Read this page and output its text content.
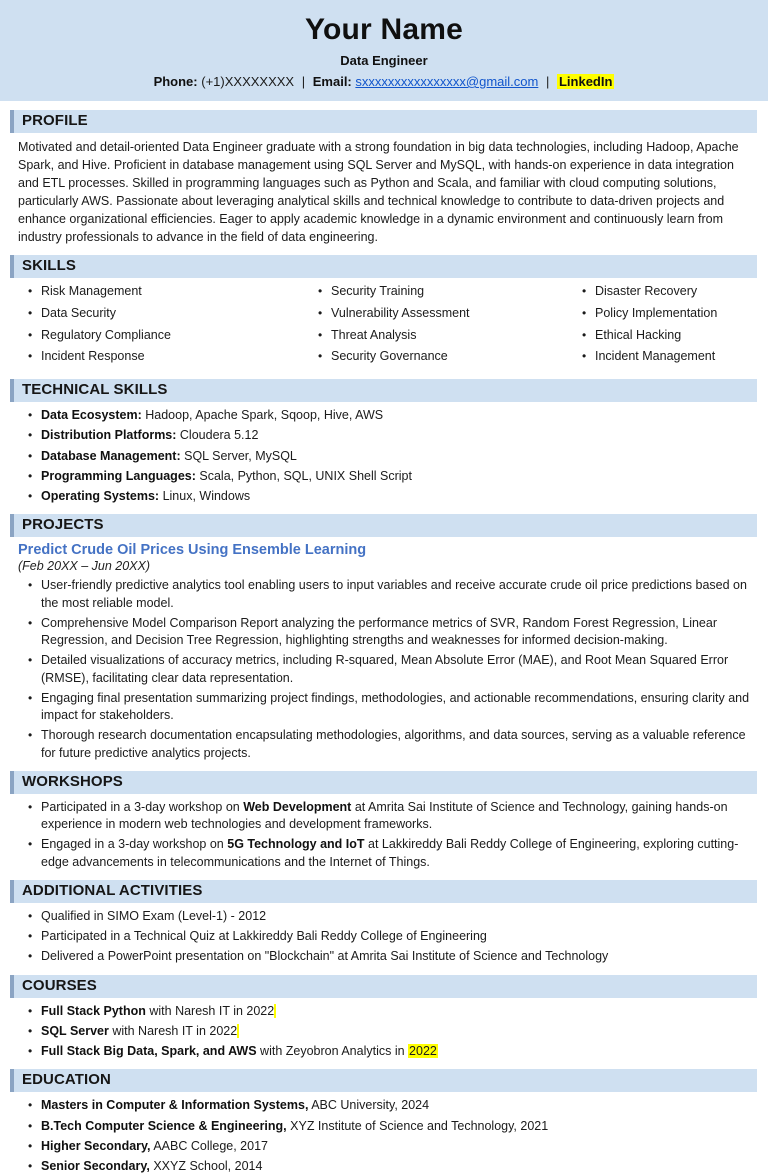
Your Name
Data Engineer
Phone: (+1)XXXXXXXX | Email: sxxxxxxxxxxxxxxxx@gmail.com | LinkedIn
PROFILE

Motivated and detail-oriented Data Engineer graduate with a strong foundation in big data technologies, including Hadoop, Apache Spark, and Hive. Proficient in database management using SQL Server and MySQL, with hands-on experience in data integration and ETL processes. Skilled in programming languages such as Python and Scala, and familiar with cloud computing solutions, particularly AWS. Passionate about leveraging analytical skills and technical knowledge to contribute to data-driven projects and enhance organizational efficiencies. Eager to apply academic knowledge in a dynamic environment and continuously learn from industry professionals to advance in the field of data engineering.

SKILLS
• Risk Management
• Data Security
• Regulatory Compliance
• Incident Response
• Security Training
• Vulnerability Assessment
• Threat Analysis
• Security Governance
• Disaster Recovery
• Policy Implementation
• Ethical Hacking
• Incident Management
TECHNICAL SKILLS
• Data Ecosystem: Hadoop, Apache Spark, Sqoop, Hive, AWS
• Distribution Platforms: Cloudera 5.12
• Database Management: SQL Server, MySQL
• Programming Languages: Scala, Python, SQL, UNIX Shell Script
• Operating Systems: Linux, Windows
PROJECTS
Predict Crude Oil Prices Using Ensemble Learning
(Feb 20XX – Jun 20XX)
• User-friendly predictive analytics tool enabling users to input variables and receive accurate crude oil price predictions based on the most reliable model.
• Comprehensive Model Comparison Report analyzing the performance metrics of SVR, Random Forest Regression, Linear Regression, and Decision Tree Regression, highlighting strengths and weaknesses for informed decision-making.
• Detailed visualizations of accuracy metrics, including R-squared, Mean Absolute Error (MAE), and Root Mean Squared Error (RMSE), facilitating clear data representation.
• Engaging final presentation summarizing project findings, methodologies, and actionable recommendations, ensuring clarity and impact for stakeholders.
• Thorough research documentation encapsulating methodologies, algorithms, and data sources, serving as a valuable reference for future predictive analytics projects.
WORKSHOPS
• Participated in a 3-day workshop on Web Development at Amrita Sai Institute of Science and Technology, gaining hands-on experience in modern web technologies and development frameworks.
• Engaged in a 3-day workshop on 5G Technology and IoT at Lakkireddy Bali Reddy College of Engineering, exploring cutting-edge advancements in telecommunications and the Internet of Things.
ADDITIONAL ACTIVITIES
• Qualified in SIMO Exam (Level-1) - 2012
• Participated in a Technical Quiz at Lakkireddy Bali Reddy College of Engineering
• Delivered a PowerPoint presentation on "Blockchain" at Amrita Sai Institute of Science and Technology
COURSES
• Full Stack Python with Naresh IT in 2022
• SQL Server with Naresh IT in 2022
• Full Stack Big Data, Spark, and AWS with Zeyobron Analytics in 2022
EDUCATION
• Masters in Computer & Information Systems, ABC University, 2024
• B.Tech Computer Science & Engineering, XYZ Institute of Science and Technology, 2021
• Higher Secondary, AABC College, 2017
• Senior Secondary, XXYZ School, 2014
